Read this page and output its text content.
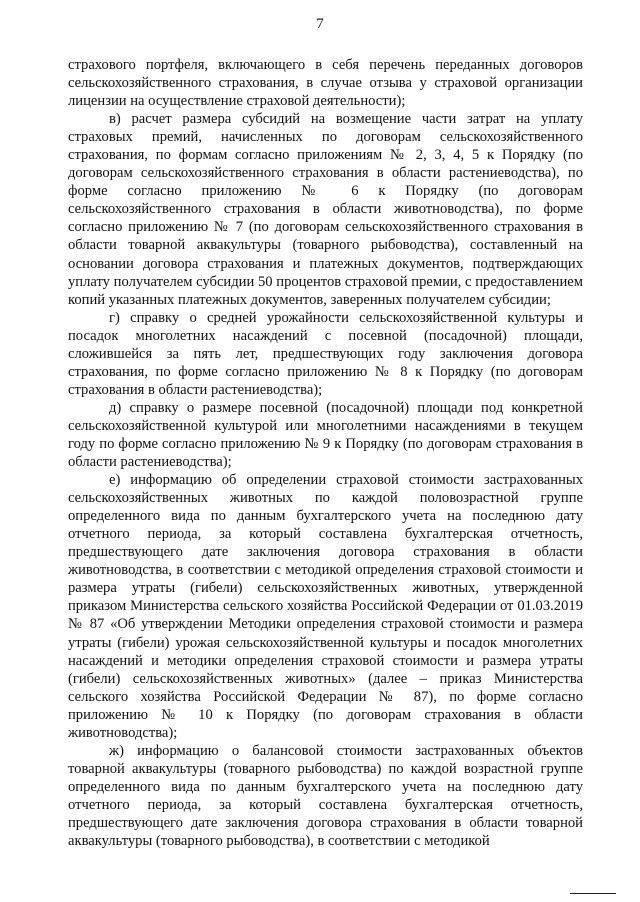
7

страхового портфеля, включающего в себя перечень переданных договоров сельскохозяйственного страхования, в случае отзыва у страховой организации лицензии на осуществление страховой деятельности);

в) расчет размера субсидий на возмещение части затрат на уплату страховых премий, начисленных по договорам сельскохозяйственного страхования, по формам согласно приложениям № 2, 3, 4, 5 к Порядку (по договорам сельскохозяйственного страхования в области растениеводства), по форме согласно приложению № 6 к Порядку (по договорам сельскохозяйственного страхования в области животноводства), по форме согласно приложению № 7 (по договорам сельскохозяйственного страхования в области товарной аквакультуры (товарного рыбоводства), составленный на основании договора страхования и платежных документов, подтверждающих уплату получателем субсидии 50 процентов страховой премии, с предоставлением копий указанных платежных документов, заверенных получателем субсидии;

г) справку о средней урожайности сельскохозяйственной культуры и посадок многолетних насаждений с посевной (посадочной) площади, сложившейся за пять лет, предшествующих году заключения договора страхования, по форме согласно приложению № 8 к Порядку (по договорам страхования в области растениеводства);

д) справку о размере посевной (посадочной) площади под конкретной сельскохозяйственной культурой или многолетними насаждениями в текущем году по форме согласно приложению № 9 к Порядку (по договорам страхования в области растениеводства);

е) информацию об определении страховой стоимости застрахованных сельскохозяйственных животных по каждой половозрастной группе определенного вида по данным бухгалтерского учета на последнюю дату отчетного периода, за который составлена бухгалтерская отчетность, предшествующего дате заключения договора страхования в области животноводства, в соответствии с методикой определения страховой стоимости и размера утраты (гибели) сельскохозяйственных животных, утвержденной приказом Министерства сельского хозяйства Российской Федерации от 01.03.2019 № 87 «Об утверждении Методики определения страховой стоимости и размера утраты (гибели) урожая сельскохозяйственной культуры и посадок многолетних насаждений и методики определения страховой стоимости и размера утраты (гибели) сельскохозяйственных животных» (далее – приказ Министерства сельского хозяйства Российской Федерации № 87), по форме согласно приложению № 10 к Порядку (по договорам страхования в области животноводства);

ж) информацию о балансовой стоимости застрахованных объектов товарной аквакультуры (товарного рыбоводства) по каждой возрастной группе определенного вида по данным бухгалтерского учета на последнюю дату отчетного периода, за который составлена бухгалтерская отчетность, предшествующего дате заключения договора страхования в области товарной аквакультуры (товарного рыбоводства), в соответствии с методикой
